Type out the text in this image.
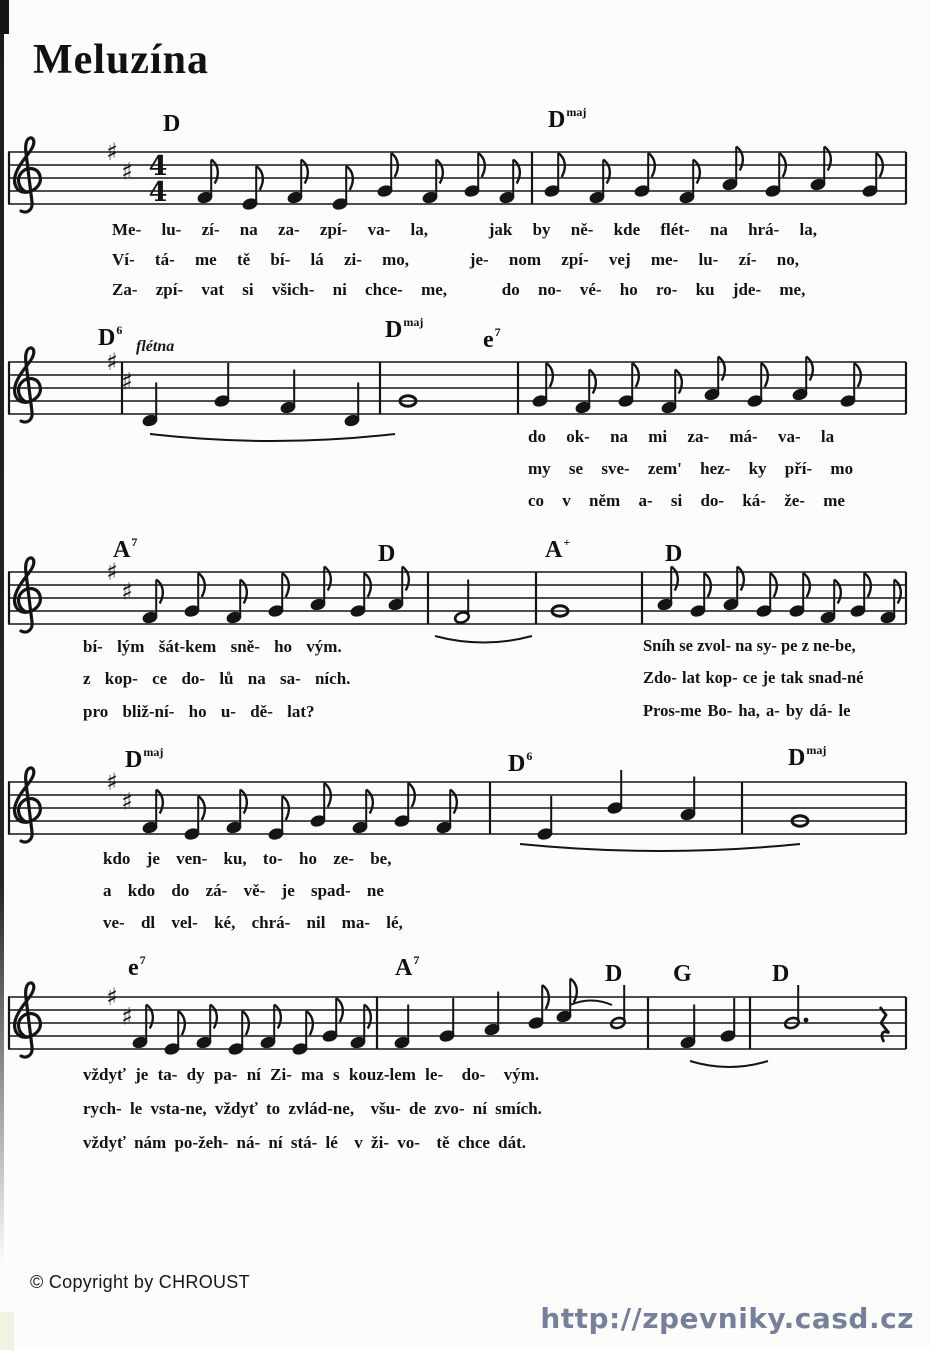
Meluzína
♯
♯ 4
4
♯
♯
♯
♯
♯
♯
♯
♯
D	$D^{maj}$
$D^6$
flétna
$D^{maj}$
$e^7$
$A^7$	D	A+	D
$D^{maj}$	$D^6$	$D^{maj}$
$e^7$	$A^7$
D G	D
Me- lu- zí- na za- zpí- va- la,   jak by ně- kde flét- na hrá- la,
Ví- tá- me tě bí- lá zi- mo,   je- nom zpí- vej me- lu- zí- no,
Za- zpí- vat si všich- ni chce- me,   do no- vé- ho ro- ku jde- me,
do ok- na mi za- má- va- la
my se sve- zem' hez- ky pří- mo
co v něm a- si do- ká- že- me
bí- lým šát-kem sně- ho vým.
z kop- ce do- lů na sa- ních.
pro bliž-ní- ho u- dě- lat?
Sníh se zvol- na sy- pe z ne-be,
Zdo- lat kop- ce je tak snad-né
Pros-me Bo- ha, a- by dá- le
kdo je ven- ku, to- ho ze- be,
a kdo do zá- vě- je spad- ne
ve- dl vel- ké, chrá- nil ma- lé,
vždyť je ta- dy pa- ní Zi- ma s kouz-lem le-  do-  vým.
rych- le vsta-ne, vždyť to zvlád-ne,  všu- de zvo- ní smích.
vždyť nám po-žeh- ná- ní stá- lé  v ži- vo-  tě chce dát.
© Copyright by CHROUST
http://zpevniky.casd.cz
